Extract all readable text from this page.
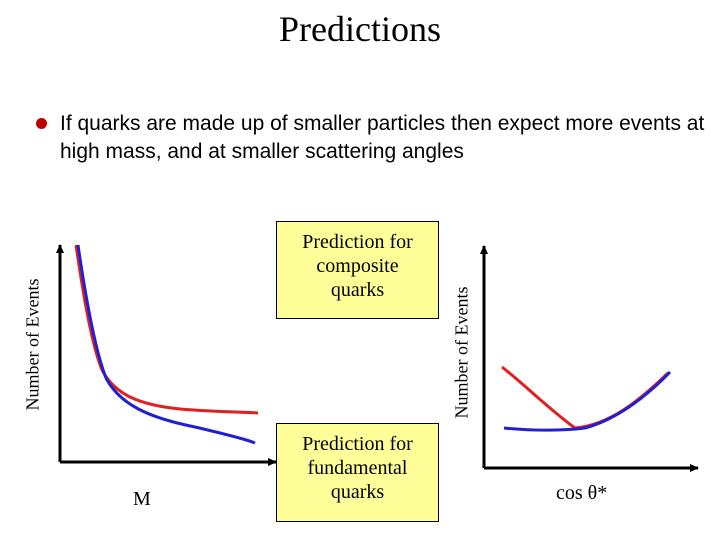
Predictions
If quarks are made up of smaller particles then expect more events at high mass, and at smaller scattering angles
Number of Events
M
Number of Events
cos θ*
Prediction for
composite
quarks
Prediction for
fundamental
quarks
